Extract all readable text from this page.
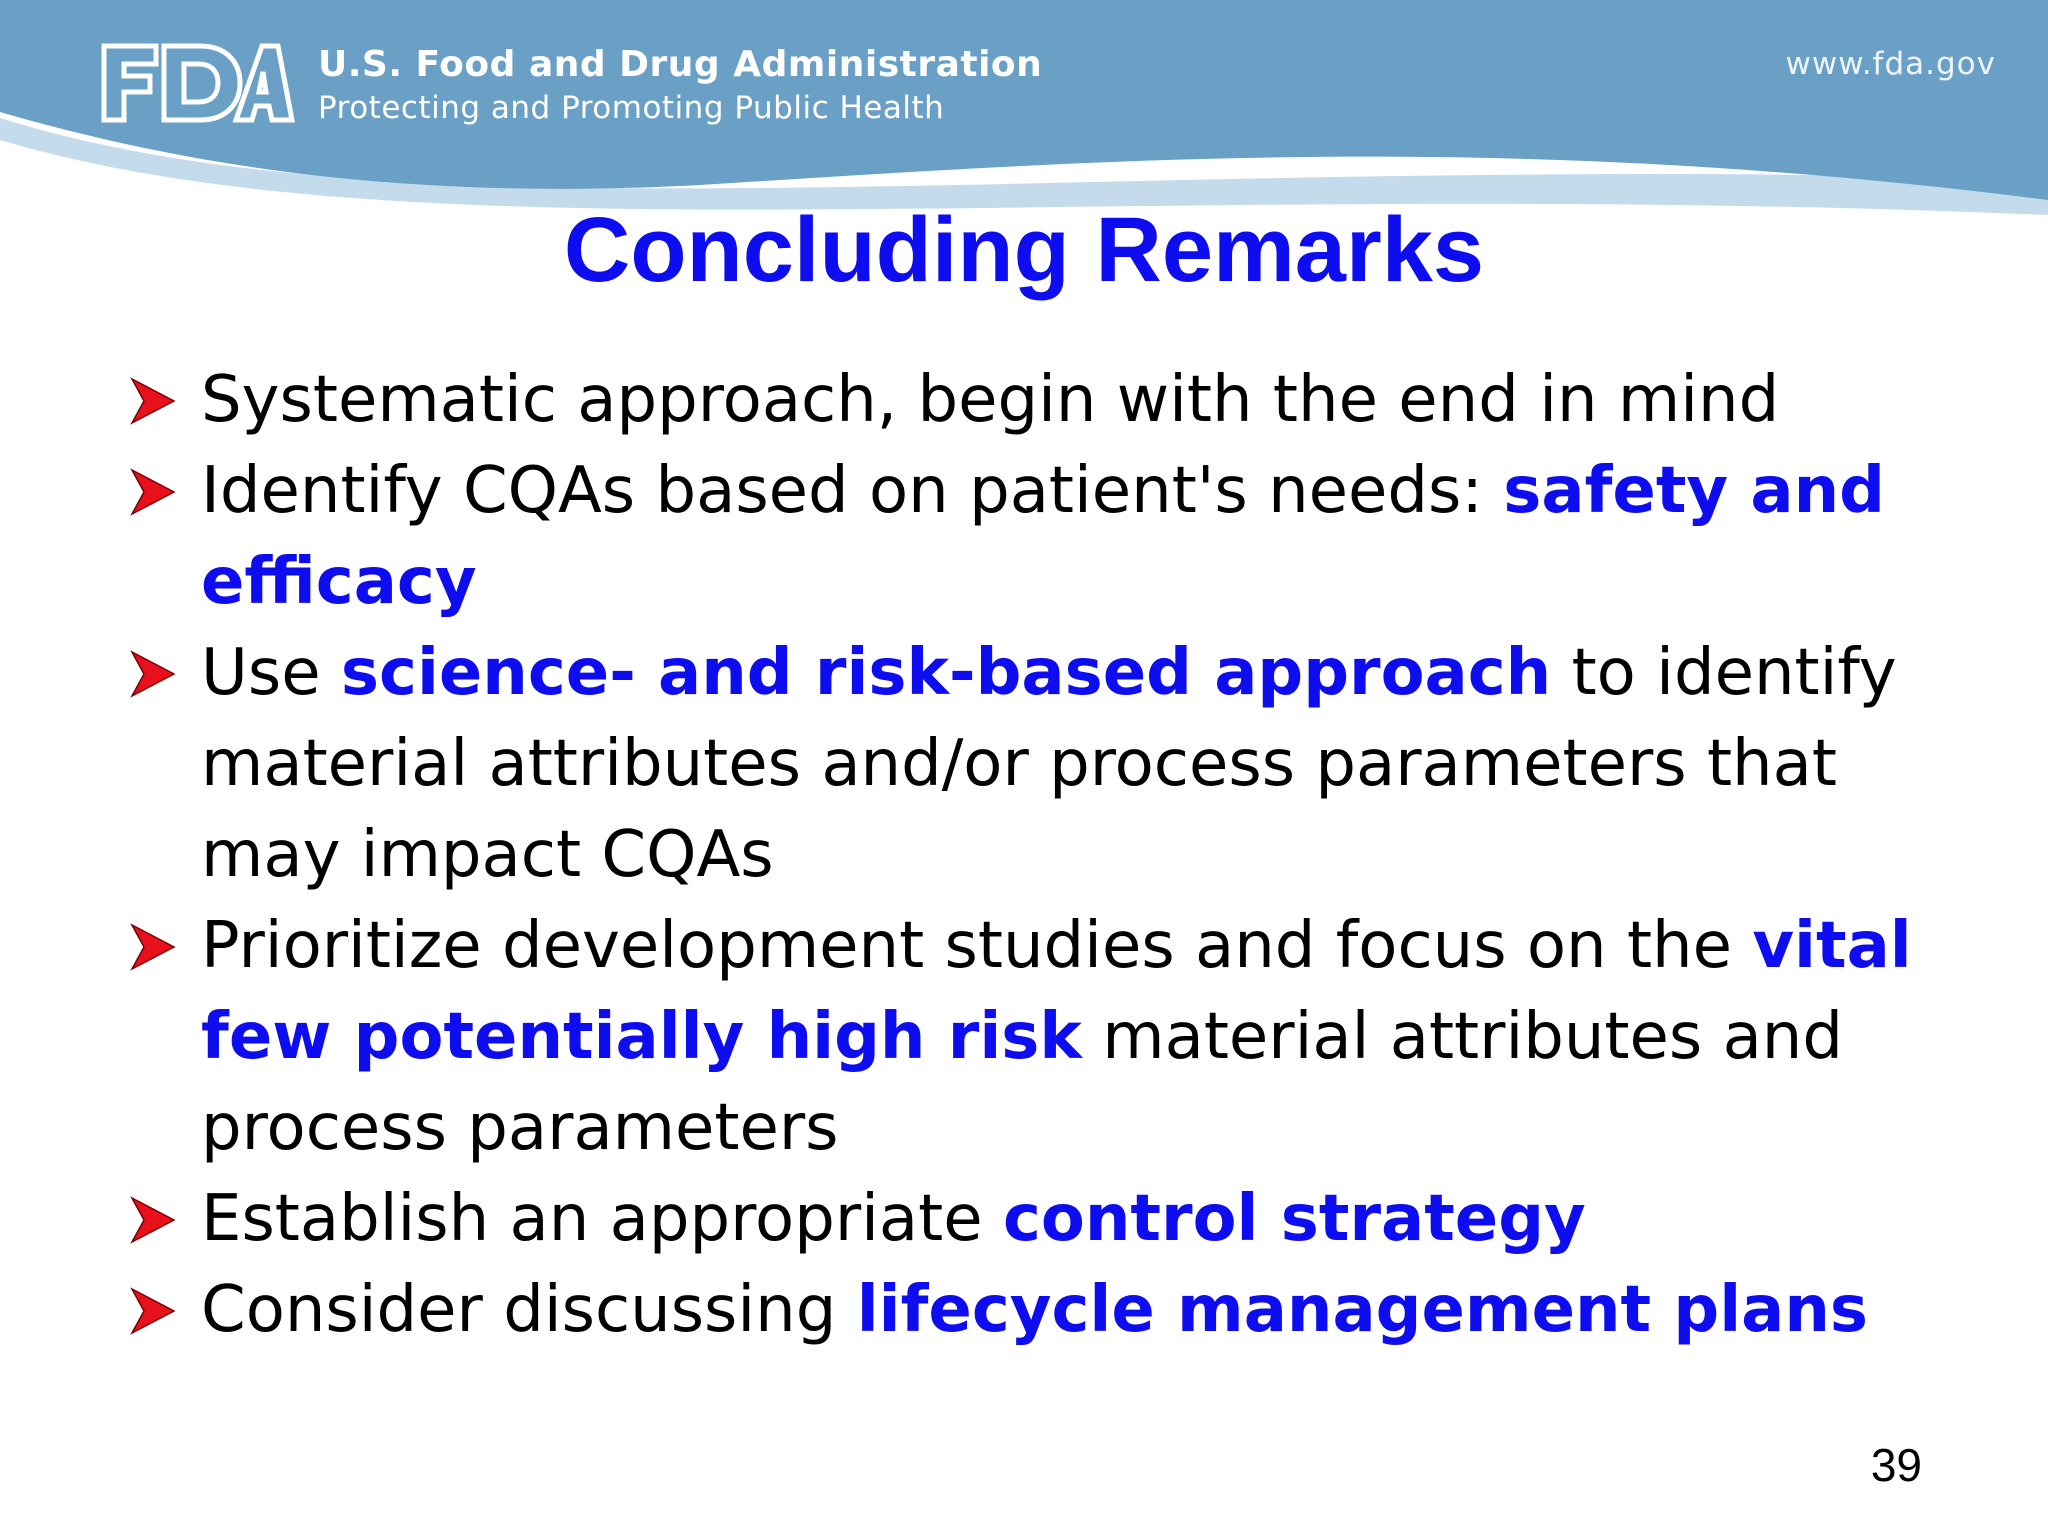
U.S. Food and Drug Administration
Protecting and Promoting Public Health
www.fda.gov
Concluding Remarks
Systematic approach, begin with the end in mind
Identify CQAs based on patient's needs: safety and efficacy
Use science- and risk-based approach to identify material attributes and/or process parameters that may impact CQAs
Prioritize development studies and focus on the vital few potentially high risk material attributes and process parameters
Establish an appropriate control strategy
Consider discussing lifecycle management plans
39
